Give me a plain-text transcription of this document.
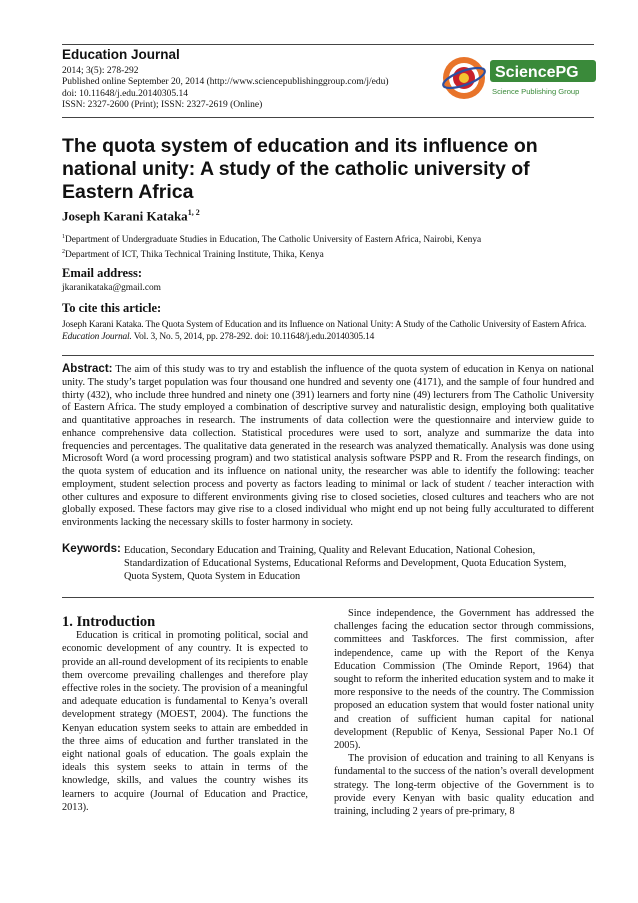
Education Journal
2014; 3(5): 278-292
Published online September 20, 2014 (http://www.sciencepublishinggroup.com/j/edu)
doi: 10.11648/j.edu.20140305.14
ISSN: 2327-2600 (Print); ISSN: 2327-2619 (Online)
SciencePG
Science Publishing Group
The quota system of education and its influence on national unity: A study of the catholic university of Eastern Africa
Joseph Karani Kataka$^{1, 2}$
$^1$Department of Undergraduate Studies in Education, The Catholic University of Eastern Africa, Nairobi, Kenya
$^2$Department of ICT, Thika Technical Training Institute, Thika, Kenya
Email address:
jkaranikataka@gmail.com
To cite this article:
Joseph Karani Kataka. The Quota System of Education and its Influence on National Unity: A Study of the Catholic University of Eastern Africa. Education Journal. Vol. 3, No. 5, 2014, pp. 278-292. doi: 10.11648/j.edu.20140305.14
Abstract: The aim of this study was to try and establish the influence of the quota system of education in Kenya on national unity. The study’s target population was four thousand one hundred and seventy one (4171), and the sample of four hundred and thirty (432), who include three hundred and ninety one (391) learners and forty nine (49) lecturers from The Catholic University of Eastern Africa. The study employed a combination of descriptive survey and naturalistic design, employing both qualitative and quantitative approaches in research. The instruments of data collection were the questionnaire and interview guide to enhance comprehensive data collection. Statistical procedures were used to sort, analyze and summarize the data into frequencies and percentages. The qualitative data generated in the research was analyzed thematically. Analysis was done using Microsoft Word (a word processing program) and two statistical analysis software PSPP and R. From the research findings, on the quota system of education and its influence on national unity, the researcher was able to identify the following: teacher employment, student selection process and poverty as factors leading to minimal or lack of student / teacher interaction with other cultures and exposure to different environments giving rise to closed societies, closed cultures and teachers who are not globally exposed. These factors may give rise to a closed individual who might end up not being fully acculturated to different environments lacking the necessary skills to foster harmony in society.
Keywords: Education, Secondary Education and Training, Quality and Relevant Education, National Cohesion, Standardization of Educational Systems, Educational Reforms and Development, Quota Education System, Quota System, Quota System in Education

1. Introduction

Education is critical in promoting political, social and economic development of any country. It is expected to provide an all-round development of its recipients to enable them overcome prevailing challenges and therefore play effective roles in the society. The provision of a meaningful and adequate education is fundamental to Kenya’s overall development strategy (MOEST, 2004). The functions the Kenyan education system seeks to attain are embedded in the three aims of education and further translated in the eight national goals of education. The goals explain the ideals this system seeks to attain in terms of the knowledge, skills, and values the country wishes its learners to acquire (Journal of Education and Practice, 2013).

Since independence, the Government has addressed the challenges facing the education sector through commissions, committees and Taskforces. The first commission, after independence, came up with the Report of the Kenya Education Commission (The Ominde Report, 1964) that sought to reform the inherited education system and to make it more responsive to the needs of the country. The Commission proposed an education system that would foster national unity and creation of sufficient human capital for national development (Republic of Kenya, Sessional Paper No.1 Of 2005).

The provision of education and training to all Kenyans is fundamental to the success of the nation’s overall development strategy. The long-term objective of the Government is to provide every Kenyan with basic quality education and training, including 2 years of pre-primary, 8
